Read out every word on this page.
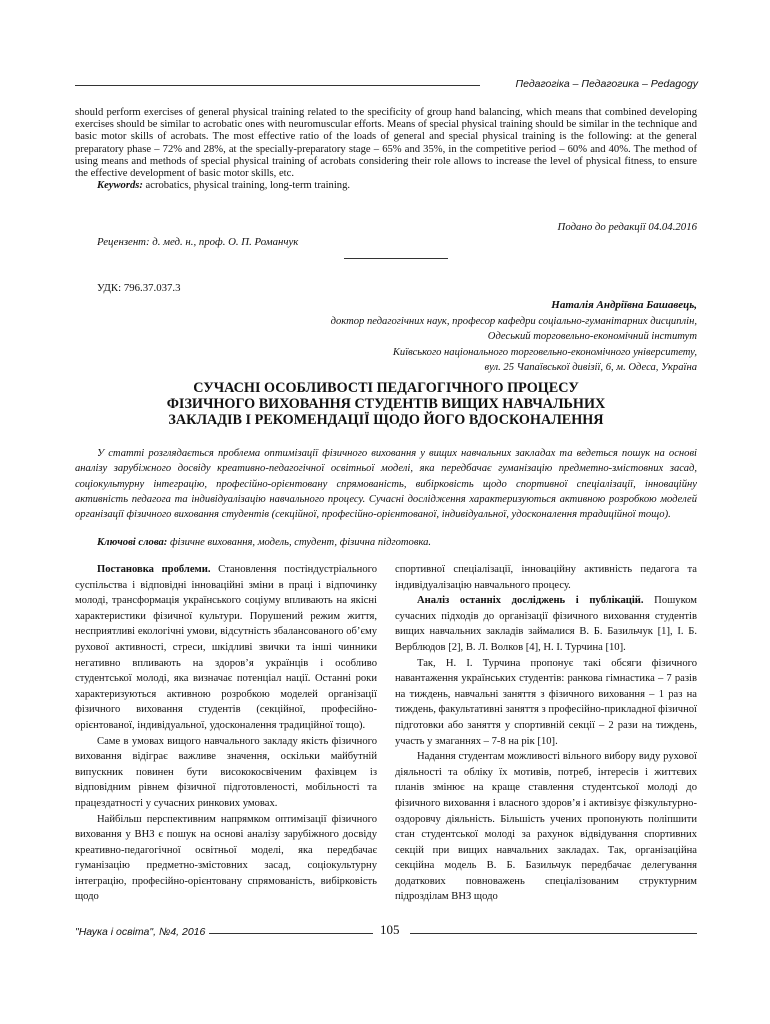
Педагогіка – Педагогика – Pedagogy

should perform exercises of general physical training related to the specificity of group hand balancing, which means that combined developing exercises should be similar to acrobatic ones with neuromuscular efforts. Means of special physical training should be similar in the technique and basic motor skills of acrobats. The most effective ratio of the loads of general and special physical training is the following: at the general preparatory phase – 72% and 28%, at the specially-preparatory stage – 65% and 35%, in the competitive period – 60% and 40%. The method of using means and methods of special physical training of acrobats considering their role allows to increase the level of physical fitness, to ensure the effective development of basic motor skills, etc.

Keywords: acrobatics, physical training, long-term training.

Подано до редакції 04.04.2016
Рецензент: д. мед. н., проф. О. П. Романчук
УДК: 796.37.037.3
Наталія Андріївна Башавець,
доктор педагогічних наук, професор кафедри соціально-гуманітарних дисциплін,
Одеський торговельно-економічний інститут
Київського національного торговельно-економічного університету,
вул. 25 Чапаївської дивізії, 6, м. Одеса, Україна
СУЧАСНІ ОСОБЛИВОСТІ ПЕДАГОГІЧНОГО ПРОЦЕСУ
ФІЗИЧНОГО ВИХОВАННЯ СТУДЕНТІВ ВИЩИХ НАВЧАЛЬНИХ
ЗАКЛАДІВ І РЕКОМЕНДАЦІЇ ЩОДО ЙОГО ВДОСКОНАЛЕННЯ
У статті розглядається проблема оптимізації фізичного виховання у вищих навчальних закладах та ведеться пошук на основі аналізу зарубіжного досвіду креативно-педагогічної освітньої моделі, яка передбачає гуманізацію предметно-змістовних засад, соціокультурну інтеграцію, професійно-орієнтовану спрямованість, вибірковість щодо спортивної спеціалізації, інноваційну активність педагога та індивідуалізацію навчального процесу. Сучасні дослідження характеризуються активною розробкою моделей організації фізичного виховання студентів (секційної, професійно-орієнтованої, індивідуальної, удосконалення традиційної тощо).
Ключові слова: фізичне виховання, модель, студент, фізична підготовка.

Постановка проблеми. Становлення постіндустріального суспільства і відповідні інноваційні зміни в праці і відпочинку молоді, трансформація українського соціуму впливають на якісні характеристики фізичної культури. Порушений режим життя, несприятливі екологічні умови, відсутність збалансованого об’єму рухової активності, стреси, шкідливі звички та інші чинники негативно впливають на здоров’я українців і особливо студентської молоді, яка визначає потенціал нації. Останні роки характеризуються активною розробкою моделей організації фізичного виховання студентів (секційної, професійно-орієнтованої, індивідуальної, удосконалення традиційної тощо).

Саме в умовах вищого навчального закладу якість фізичного виховання відіграє важливе значення, оскільки майбутній випускник повинен бути висококосвіченим фахівцем із відповідним рівнем фізичної підготовленості, мобільності та працездатності у сучасних ринкових умовах.

Найбільш перспективним напрямком оптимізації фізичного виховання у ВНЗ є пошук на основі аналізу зарубіжного досвіду креативно-педагогічної освітньої моделі, яка передбачає гуманізацію предметно-змістовних засад, соціокультурну інтеграцію, професійно-орієнтовану спрямованість, вибірковість щодо

спортивної спеціалізації, інноваційну активність педагога та індивідуалізацію навчального процесу.

Аналіз останніх досліджень і публікацій. Пошуком сучасних підходів до організації фізичного виховання студентів вищих навчальних закладів займалися В. Б. Базильчук [1], І. Б. Верблюдов [2], В. Л. Волков [4], Н. І. Турчина [10].

Так, Н. І. Турчина пропонує такі обсяги фізичного навантаження українських студентів: ранкова гімнастика – 7 разів на тиждень, навчальні заняття з фізичного виховання – 1 раз на тиждень, факультативні заняття з професійно-прикладної фізичної підготовки або заняття у спортивній секції – 2 рази на тиждень, участь у змаганнях – 7-8 на рік [10].

Надання студентам можливості вільного вибору виду рухової діяльності та обліку їх мотивів, потреб, інтересів і життєвих планів змінює на краще ставлення студентської молоді до фізичного виховання і власного здоров’я і активізує фізкультурно-оздоровчу діяльність. Більшість учених пропонують поліпшити стан студентської молоді за рахунок відвідування спортивних секцій при вищих навчальних закладах. Так, організаційна секційна модель В. Б. Базильчук передбачає делегування додаткових повноважень спеціалізованим структурним підрозділам ВНЗ щодо

"Наука і освіта", №4, 2016	105
